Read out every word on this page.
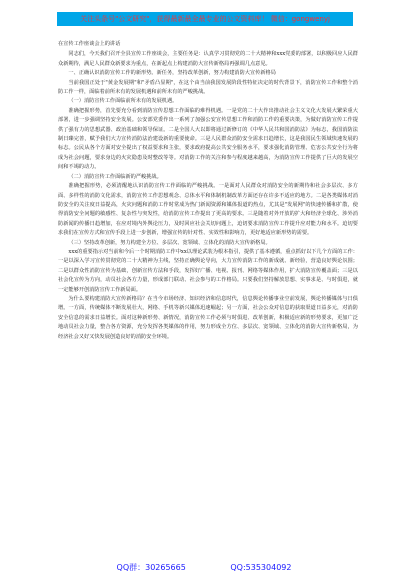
关注头条号"公文研究"，获得最新最全最专业的公文资料库！ 微信：gongwenyj

在宣传工作座谈会上的讲话

同志们，今天我们召开全县宣传工作座谈会，主要任务是：认真学习贯彻党的二十大精神和xxx党委的部署，以积极回应人民群众新期待，满足人民群众新要求为重点，在新起点上构建消防大宣传新格局再强调几点意见。

一、正确认识消防宣传工作的新形势。新任务，坚持改革创新，努力构建消防大宣传新格局

当前我国正处于"黄金发展期"和"矛盾凸显期"，在这个由当前我国发展阶段性特征决定的时代背景下，消防宣传工作和整个消防工作一样，面临着前所未有的发展机遇和前所未有的严峻挑战。

（一）消防宣传工作面临前所未有的发展机遇。

准确把握形势，首先要充分看到消防宣传思想工作面临的难得机遇。一是党的二十大作出推动社会主义文化大发展大繁荣重大部署，进一步强调坚持安全发展。公安部党委作出一系列了加强公安宣传思想工作和消防工作的重要决策，为做好消防宣传工作提供了强有力的思想武器、政治基础和领导保证。二是全国人大以即将通过新修订的《中华人民共和国消防法》为标志，我国消防法制日臻完善，赋予我们大力宣传消防法治建设新的重要使命。三是人民群众消防安全需求日趋增长，这是我国民生领域快速发展的标志。公民从各个方面对安全提出了权益要求和主张，要求政府提高公共安全服务水平，要求强化消防管理、危害公共安全行为将成为社会问题，要求身边的火灾隐患及时整改等等。对消防工作的关注和参与程度越来越高，为消防宣传工作提供了巨大的发展空间和不竭的动力。

（二）消防宣传工作面临新的严峻挑战。

准确把握形势，必须清醒地认识消防宣传工作面临的严峻挑战。一是面对人民群众对消防安全的新期待和社会多层次、多方面、多样性的消防文化需求，消防宣传工作思想观念、总体水平和体制机制改革方面还存在许多不适应的地方。二是各类媒体对消防安全的关注度日益提高，火灾问题和消防工作时常成为热门新闻资源和媒体报道的热点，尤其是"发展网"的快速传播和扩散，使得消防安全问题的敏感性、复杂性与突发性，给消防宣传工作提出了更高的要求。三是随着对外开放的扩大和经济全球化、涉外消防新闻的传播日趋增加，在应对境内外舆论压力，及时回应社会关切问题上，迫切要求消防宣传工作提升应对能力和水平。迫切要求我们在宣传方式和宣传手段上进一步创新，增强宣传的针对性、实效性和影响力，更好地适应新形势的需要。

（三）坚持改革创新，努力构建全方位、多层次、宽领域、立体化的消防大宣传新格局。

xxx的重要指示对当前和今后一个时期消防工作中xx以理论武装为根本指引，提供了基本遵循，重点抓好以下几个方面的工作：一是以深入学习宣传贯彻党的二十大精神为主线，坚持正确舆论导向，大力宣传消防工作的新成就、新经验，营造良好舆论氛围；二是以群众性消防宣传为基础，创新宣传方法和手段，发挥好广播、电视、报刊、网络等媒体作用，扩大消防宣传覆盖面；三是以社会化宣传为方向，动员社会各方力量，形成部门联动、社会参与的工作格局。只要我们坚持解放思想、实事求是、与时俱进，就一定能够开创消防宣传工作新局面。

为什么要构建消防大宣传新格局？在当今市场经济、知识经济和信息时代，信息舆论传播事业空前发展，舆论传播媒体与日俱增。一方面，传统媒体不断发展壮大，网络、手机等新兴媒体迅速崛起；另一方面，社会公众对信息的获取渠道日益多元，对消防安全信息的需求日益增长。面对这种新形势、新情况，消防宣传工作必须与时俱进、改革创新，积极适应新的形势要求，更加广泛地动员社会力量，整合各方资源，充分发挥各类媒体的作用，努力形成全方位、多层次、宽领域、立体化的消防大宣传新格局，为经济社会又好又快发展创造良好的消防安全环境。

QQ群：30265665	QQ:535304092
